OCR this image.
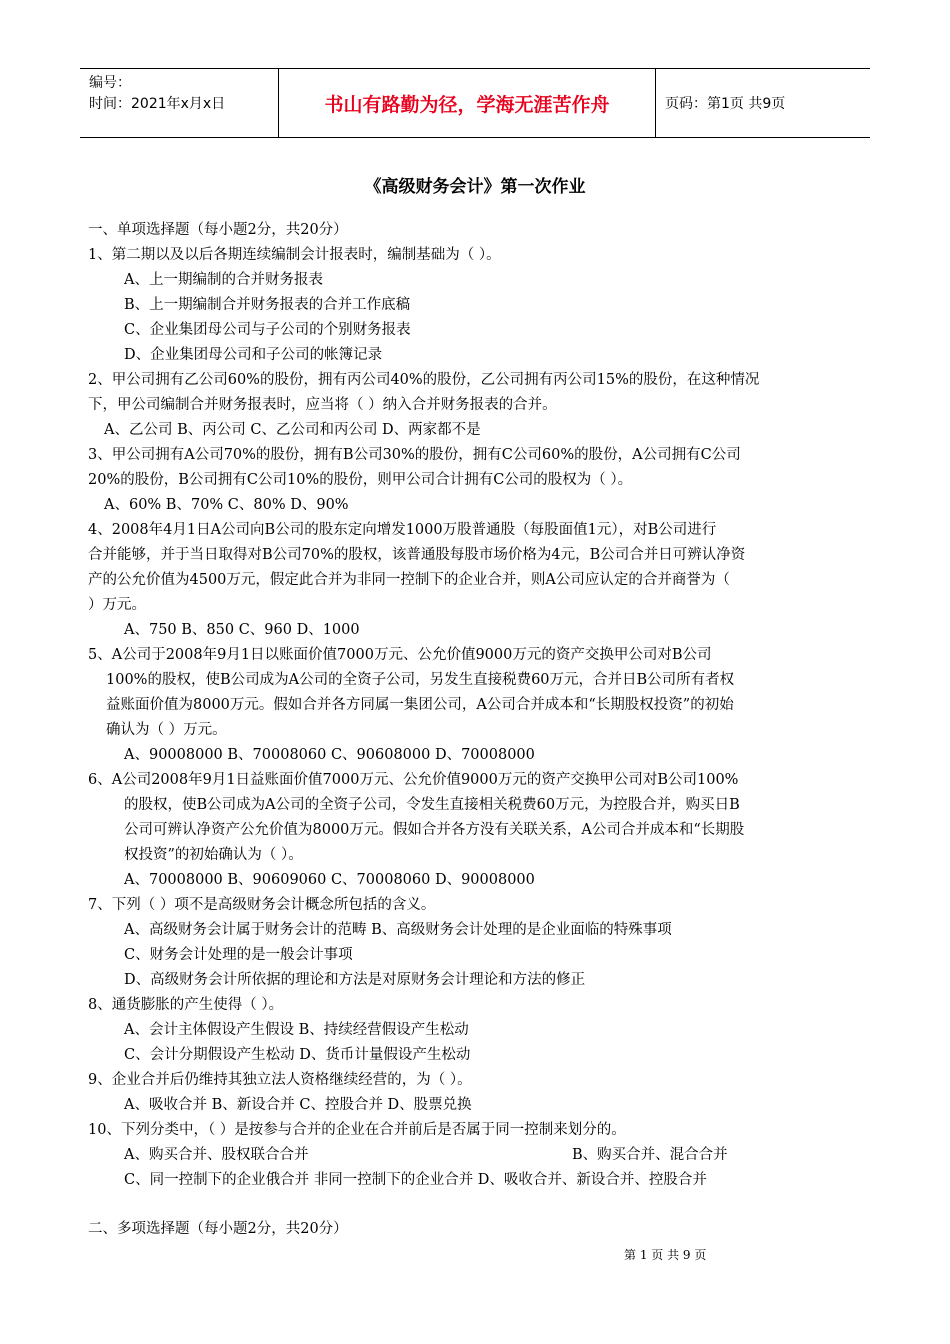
编号：
时间：2021年x月x日	书山有路勤为径，学海无涯苦作舟	页码：第1页 共9页
《高级财务会计》第一次作业
一、单项选择题（每小题2分，共20分）
1、第二期以及以后各期连续编制会计报表时，编制基础为（ ）。
A、上一期编制的合并财务报表
B、上一期编制合并财务报表的合并工作底稿
C、企业集团母公司与子公司的个别财务报表
D、企业集团母公司和子公司的帐簿记录
2、甲公司拥有乙公司60%的股份，拥有丙公司40%的股份，乙公司拥有丙公司15%的股份，在这种情况
下，甲公司编制合并财务报表时，应当将（ ）纳入合并财务报表的合并。
A、乙公司 B、丙公司 C、乙公司和丙公司 D、两家都不是
3、甲公司拥有A公司70%的股份，拥有B公司30%的股份，拥有C公司60%的股份，A公司拥有C公司
20%的股份，B公司拥有C公司10%的股份，则甲公司合计拥有C公司的股权为（ ）。
A、60% B、70% C、80% D、90%
4、2008年4月1日A公司向B公司的股东定向增发1000万股普通股（每股面值1元），对B公司进行
合并能够，并于当日取得对B公司70%的股权，该普通股每股市场价格为4元，B公司合并日可辨认净资
产的公允价值为4500万元，假定此合并为非同一控制下的企业合并，则A公司应认定的合并商誉为（
）万元。
A、750 B、850 C、960 D、1000
5、A公司于2008年9月1日以账面价值7000万元、公允价值9000万元的资产交换甲公司对B公司
100%的股权，使B公司成为A公司的全资子公司，另发生直接税费60万元，合并日B公司所有者权
益账面价值为8000万元。假如合并各方同属一集团公司，A公司合并成本和“长期股权投资”的初始
确认为（ ）万元。
A、90008000 B、70008060 C、90608000 D、70008000
6、A公司2008年9月1日益账面价值7000万元、公允价值9000万元的资产交换甲公司对B公司100%
的股权，使B公司成为A公司的全资子公司，令发生直接相关税费60万元，为控股合并，购买日B
公司可辨认净资产公允价值为8000万元。假如合并各方没有关联关系，A公司合并成本和“长期股
权投资”的初始确认为（ ）。
A、70008000 B、90609060 C、70008060 D、90008000
7、下列（ ）项不是高级财务会计概念所包括的含义。
A、高级财务会计属于财务会计的范畴 B、高级财务会计处理的是企业面临的特殊事项
C、财务会计处理的是一般会计事项
D、高级财务会计所依据的理论和方法是对原财务会计理论和方法的修正
8、通货膨胀的产生使得（ ）。
A、会计主体假设产生假设 B、持续经营假设产生松动
C、会计分期假设产生松动 D、货币计量假设产生松动
9、企业合并后仍维持其独立法人资格继续经营的，为（ ）。
A、吸收合并 B、新设合并 C、控股合并 D、股票兑换
10、下列分类中，（ ）是按参与合并的企业在合并前后是否属于同一控制来划分的。
A、购买合并、股权联合合并	B、购买合并、混合合并
C、同一控制下的企业俄合并 非同一控制下的企业合并 D、吸收合并、新设合并、控股合并
二、多项选择题（每小题2分，共20分）
第 1 页 共 9 页
